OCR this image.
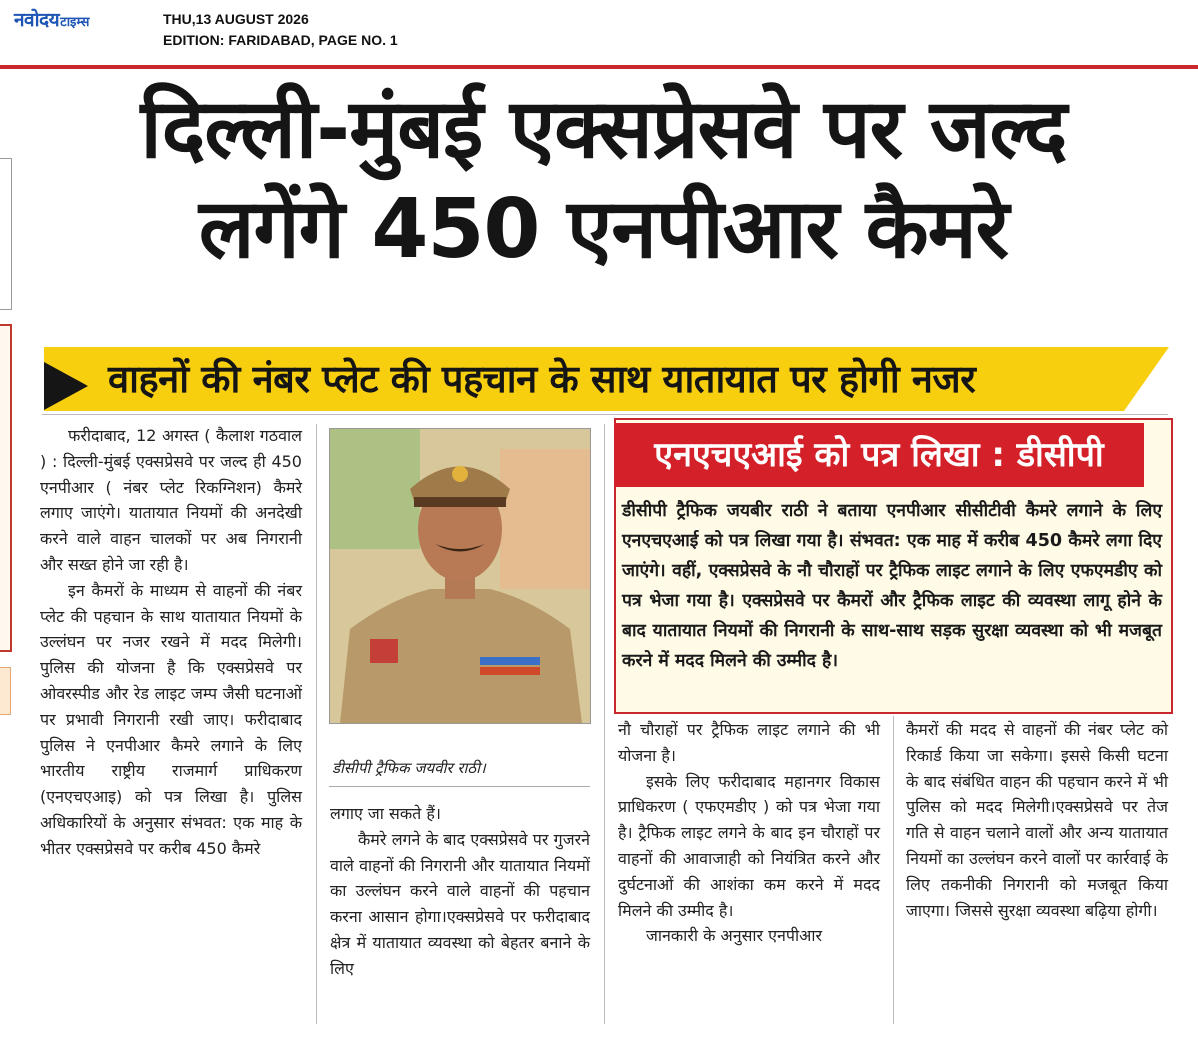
नवोदय टाइम्स	THU,13 AUGUST 2026
EDITION: FARIDABAD, PAGE NO. 1
दिल्ली-मुंबई एक्सप्रेसवे पर जल्द
लगेंगे 450 एनपीआर कैमरे
वाहनों की नंबर प्लेट की पहचान के साथ यातायात पर होगी नजर

फरीदाबाद, 12 अगस्त ( कैलाश गठवाल ) : दिल्ली-मुंबई एक्सप्रेसवे पर जल्द ही 450 एनपीआर ( नंबर प्लेट रिकग्निशन) कैमरे लगाए जाएंगे। यातायात नियमों की अनदेखी करने वाले वाहन चालकों पर अब निगरानी और सख्त होने जा रही है।

इन कैमरों के माध्यम से वाहनों की नंबर प्लेट की पहचान के साथ यातायात नियमों के उल्लंघन पर नजर रखने में मदद मिलेगी। पुलिस की योजना है कि एक्सप्रेसवे पर ओवरस्पीड और रेड लाइट जम्प जैसी घटनाओं पर प्रभावी निगरानी रखी जाए। फरीदाबाद पुलिस ने एनपीआर कैमरे लगाने के लिए भारतीय राष्ट्रीय राजमार्ग प्राधिकरण (एनएचएआइ) को पत्र लिखा है। पुलिस अधिकारियों के अनुसार संभवत: एक माह के भीतर एक्सप्रेसवे पर करीब 450 कैमरे

डीसीपी ट्रैफिक जयवीर राठी।

लगाए जा सकते हैं।

कैमरे लगने के बाद एक्सप्रेसवे पर गुजरने वाले वाहनों की निगरानी और यातायात नियमों का उल्लंघन करने वाले वाहनों की पहचान करना आसान होगा।एक्सप्रेसवे पर फरीदाबाद क्षेत्र में यातायात व्यवस्था को बेहतर बनाने के लिए

एनएचएआई को पत्र लिखा : डीसीपी
डीसीपी ट्रैफिक जयबीर राठी ने बताया एनपीआर सीसीटीवी कैमरे लगाने के लिए एनएचएआई को पत्र लिखा गया है। संभवत: एक माह में करीब 450 कैमरे लगा दिए जाएंगे। वहीं, एक्सप्रेसवे के नौ चौराहों पर ट्रैफिक लाइट लगाने के लिए एफएमडीए को पत्र भेजा गया है। एक्सप्रेसवे पर कैमरों और ट्रैफिक लाइट की व्यवस्था लागू होने के बाद यातायात नियमों की निगरानी के साथ-साथ सड़क सुरक्षा व्यवस्था को भी मजबूत करने में मदद मिलने की उम्मीद है।

नौ चौराहों पर ट्रैफिक लाइट लगाने की भी योजना है।

इसके लिए फरीदाबाद महानगर विकास प्राधिकरण ( एफएमडीए ) को पत्र भेजा गया है। ट्रैफिक लाइट लगने के बाद इन चौराहों पर वाहनों की आवाजाही को नियंत्रित करने और दुर्घटनाओं की आशंका कम करने में मदद मिलने की उम्मीद है।

जानकारी के अनुसार एनपीआर

कैमरों की मदद से वाहनों की नंबर प्लेट को रिकार्ड किया जा सकेगा। इससे किसी घटना के बाद संबंधित वाहन की पहचान करने में भी पुलिस को मदद मिलेगी।एक्सप्रेसवे पर तेज गति से वाहन चलाने वालों और अन्य यातायात नियमों का उल्लंघन करने वालों पर कार्रवाई के लिए तकनीकी निगरानी को मजबूत किया जाएगा। जिससे सुरक्षा व्यवस्था बढ़िया होगी।
